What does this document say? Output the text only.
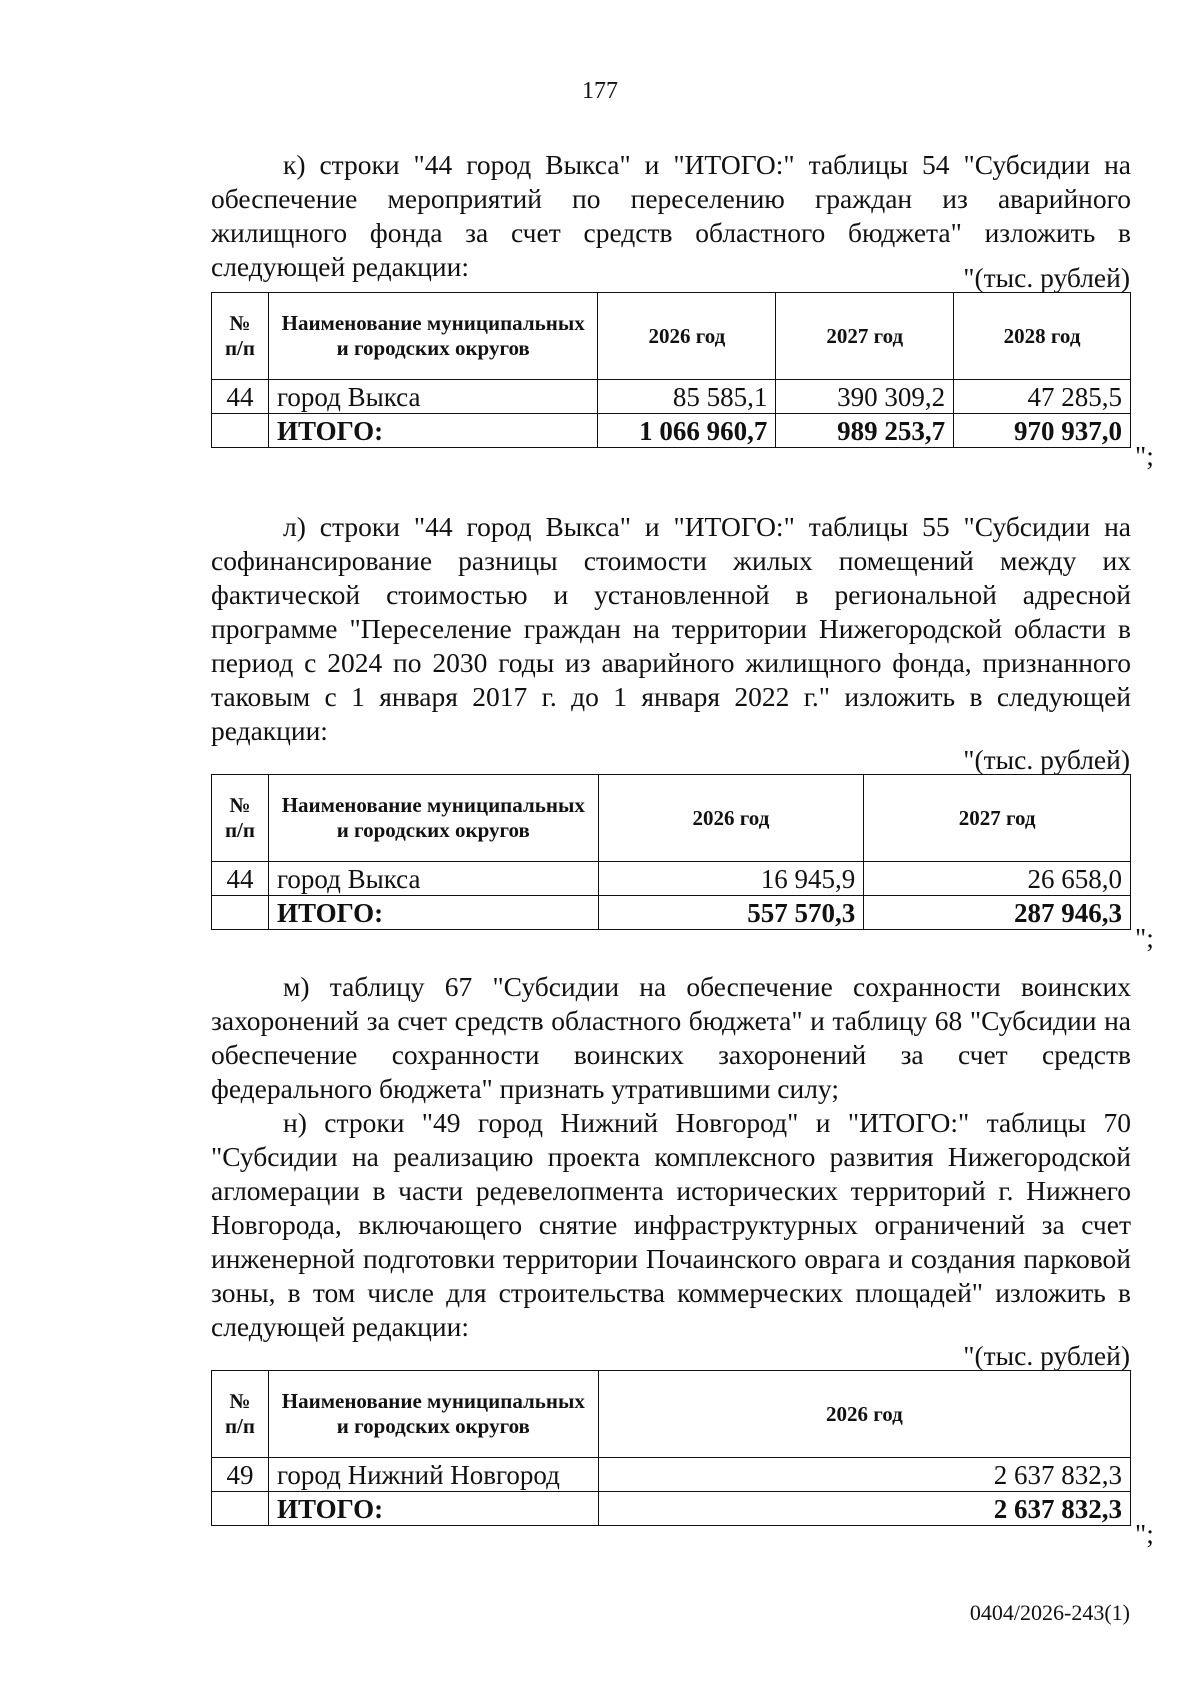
177

к) строки "44 город Выкса" и "ИТОГО:" таблицы 54 "Субсидии на обеспечение мероприятий по переселению граждан из аварийного жилищного фонда за счет средств областного бюджета" изложить в следующей редакции:	"(тыс. рублей)
№ п/п	Наименование муниципальных и городских округов	2026 год	2027 год	2028 год
44	город Выкса	85 585,1	390 309,2	47 285,5
	ИТОГО:	1 066 960,7	989 253,7	970 937,0
";

л) строки "44 город Выкса" и "ИТОГО:" таблицы 55 "Субсидии на софинансирование разницы стоимости жилых помещений между их фактической стоимостью и установленной в региональной адресной программе "Переселение граждан на территории Нижегородской области в период с 2024 по 2030 годы из аварийного жилищного фонда, признанного таковым с 1 января 2017 г. до 1 января 2022 г." изложить в следующей редакции:

"(тыс. рублей)
№ п/п	Наименование муниципальных и городских округов	2026 год	2027 год
44	город Выкса	16 945,9	26 658,0
	ИТОГО:	557 570,3	287 946,3
";

м) таблицу 67 "Субсидии на обеспечение сохранности воинских захоронений за счет средств областного бюджета" и таблицу 68 "Субсидии на обеспечение сохранности воинских захоронений за счет средств федерального бюджета" признать утратившими силу;

н) строки "49 город Нижний Новгород" и "ИТОГО:" таблицы 70 "Субсидии на реализацию проекта комплексного развития Нижегородской агломерации в части редевелопмента исторических территорий г. Нижнего Новгорода, включающего снятие инфраструктурных ограничений за счет инженерной подготовки территории Почаинского оврага и создания парковой зоны, в том числе для строительства коммерческих площадей" изложить в следующей редакции:

"(тыс. рублей)
№ п/п	Наименование муниципальных и городских округов	2026 год
49	город Нижний Новгород	2 637 832,3
	ИТОГО:	2 637 832,3
";
0404/2026-243(1)
